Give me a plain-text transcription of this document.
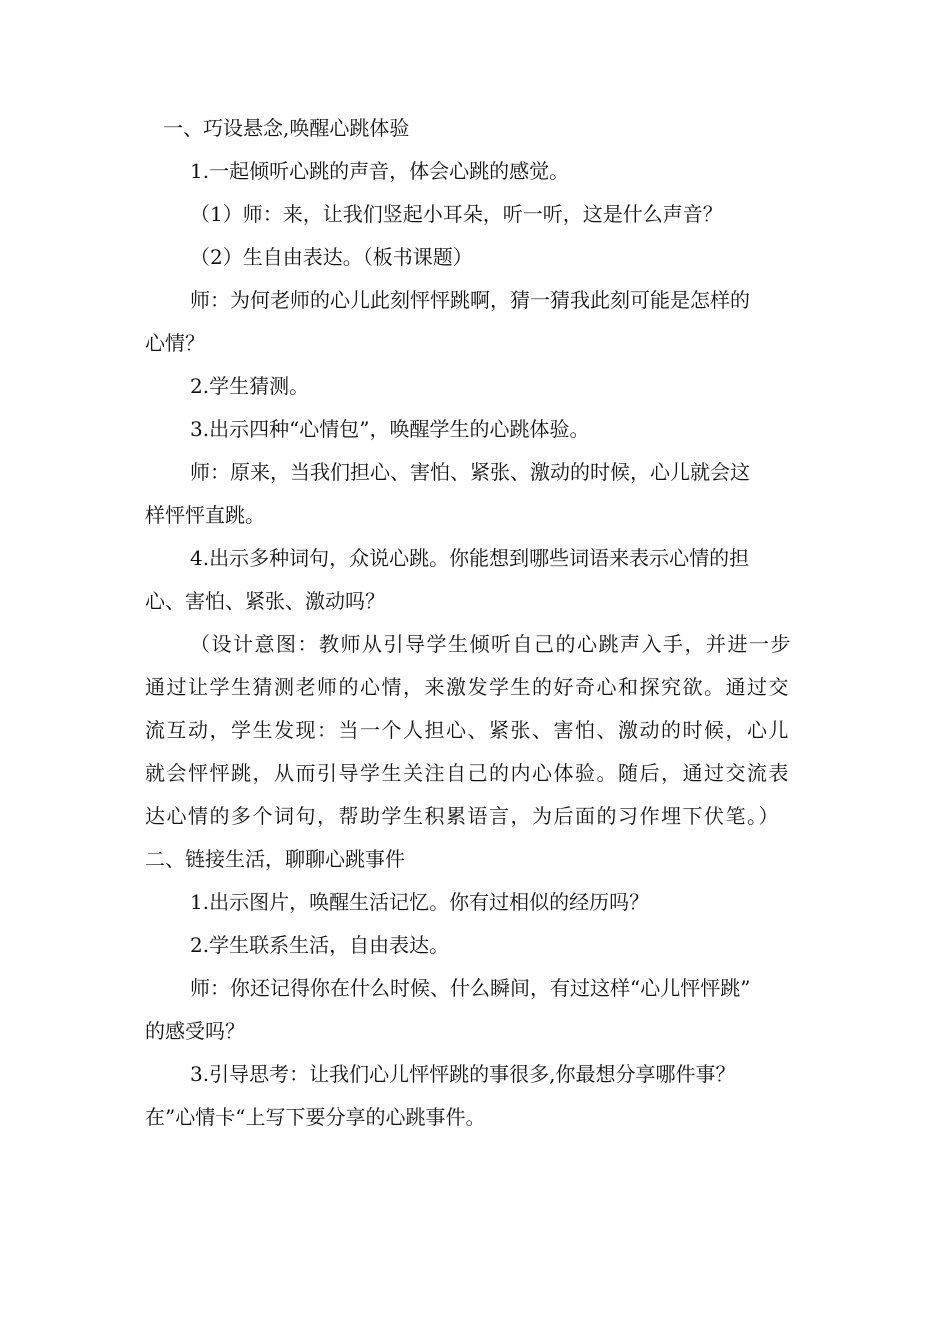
一、巧设悬念,唤醒心跳体验
1.一起倾听心跳的声音，体会心跳的感觉。
（1）师：来，让我们竖起小耳朵，听一听，这是什么声音？
（2）生自由表达。（板书课题）
师：为何老师的心儿此刻怦怦跳啊，猜一猜我此刻可能是怎样的
心情？
2.学生猜测。
3.出示四种“心情包”，唤醒学生的心跳体验。
师：原来，当我们担心、害怕、紧张、激动的时候，心儿就会这
样怦怦直跳。
4.出示多种词句，众说心跳。你能想到哪些词语来表示心情的担
心、害怕、紧张、激动吗？
（设计意图：教师从引导学生倾听自己的心跳声入手，并进一步
通过让学生猜测老师的心情，来激发学生的好奇心和探究欲。通过交
流互动，学生发现：当一个人担心、紧张、害怕、激动的时候，心儿
就会怦怦跳，从而引导学生关注自己的内心体验。随后，通过交流表
达心情的多个词句，帮助学生积累语言，为后面的习作埋下伏笔。）
二、链接生活，聊聊心跳事件
1.出示图片，唤醒生活记忆。你有过相似的经历吗？
2.学生联系生活，自由表达。
师：你还记得你在什么时候、什么瞬间，有过这样“心儿怦怦跳”
的感受吗？
3.引导思考：让我们心儿怦怦跳的事很多,你最想分享哪件事？
在”心情卡“上写下要分享的心跳事件。
